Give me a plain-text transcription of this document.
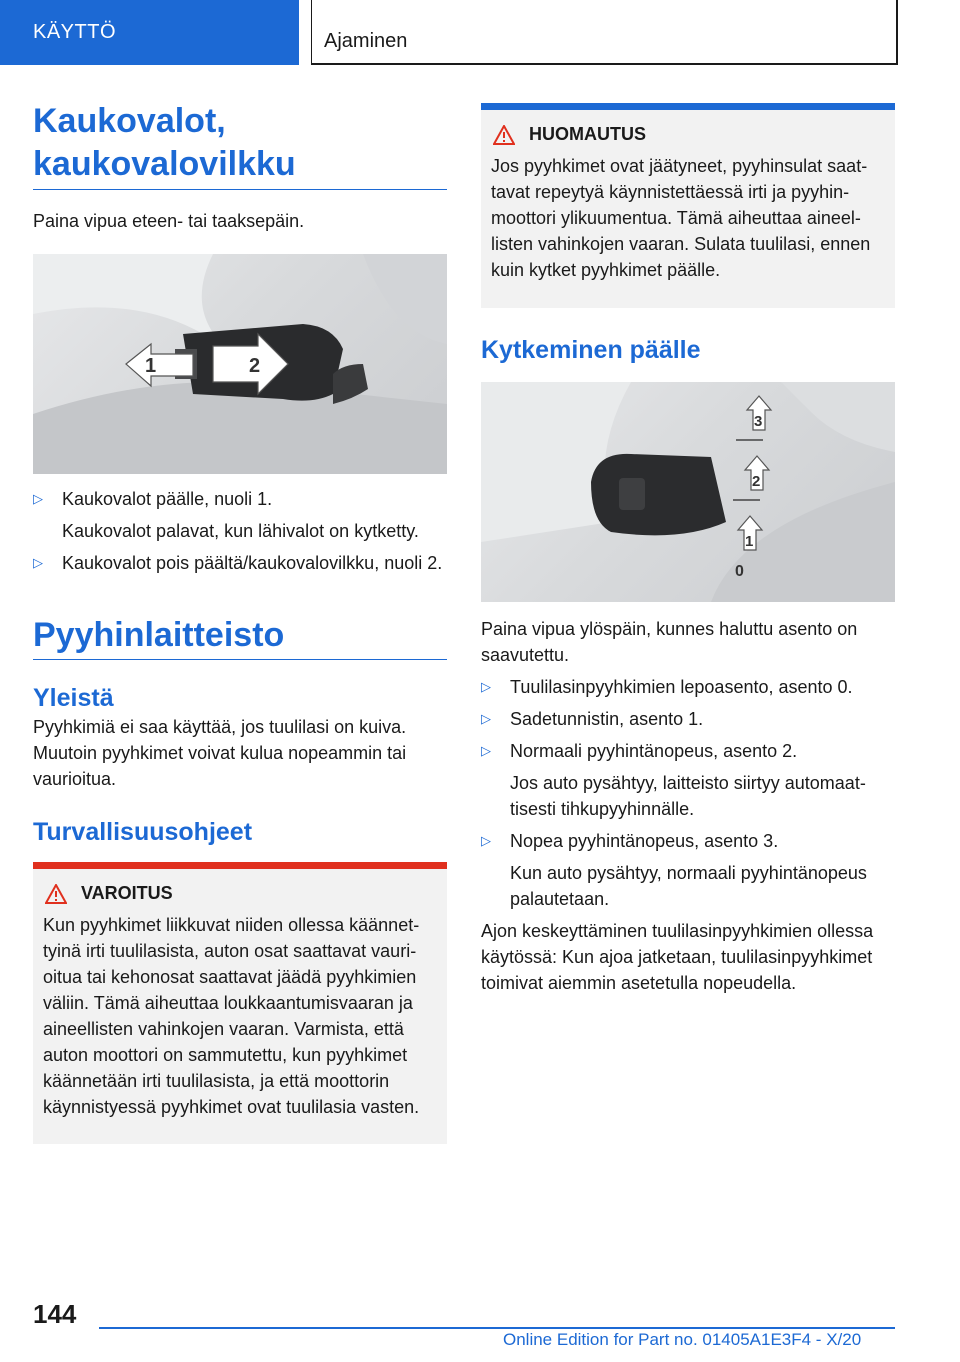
KÄYTTÖ	Ajaminen
Kaukovalot, kaukovalovilkku

Paina vipua eteen- tai taaksepäin.

1	2
▷ Kaukovalot päälle, nuoli 1.
Kaukovalot palavat, kun lähivalot on kytketty.
▷ Kaukovalot pois päältä/kaukovalovilkku, nuoli 2.
Pyyhinlaitteisto
Yleistä

Pyyhkimiä ei saa käyttää, jos tuulilasi on kuiva. Muutoin pyyhkimet voivat kulua nopeammin tai vaurioitua.

Turvallisuusohjeet
VAROITUS

Kun pyyhkimet liikkuvat niiden ollessa käännet-tyinä irti tuulilasista, auton osat saattavat vauri-oitua tai kehonosat saattavat jäädä pyyhkimien väliin. Tämä aiheuttaa loukkaantumisvaaran ja aineellisten vahinkojen vaaran. Varmista, että auton moottori on sammutettu, kun pyyhkimet käännetään irti tuulilasista, ja että moottorin käynnistyessä pyyhkimet ovat tuulilasia vasten.

HUOMAUTUS

Jos pyyhkimet ovat jäätyneet, pyyhinsulat saat-tavat repeytyä käynnistettäessä irti ja pyyhin-moottori ylikuumentua. Tämä aiheuttaa aineel-listen vahinkojen vaaran. Sulata tuulilasi, ennen kuin kytket pyyhkimet päälle.

Kytkeminen päälle
3
2
1
0

Paina vipua ylöspäin, kunnes haluttu asento on saavutettu.

▷ Tuulilasinpyyhkimien lepoasento, asento 0.
▷ Sadetunnistin, asento 1.
▷ Normaali pyyhintänopeus, asento 2.
Jos auto pysähtyy, laitteisto siirtyy automaat-tisesti tihkupyyhinnälle.
▷ Nopea pyyhintänopeus, asento 3.
Kun auto pysähtyy, normaali pyyhintänopeus palautetaan.

Ajon keskeyttäminen tuulilasinpyyhkimien ollessa käytössä: Kun ajoa jatketaan, tuulilasinpyyhkimet toimivat aiemmin asetetulla nopeudella.

144
Online Edition for Part no. 01405A1E3F4 - X/20
